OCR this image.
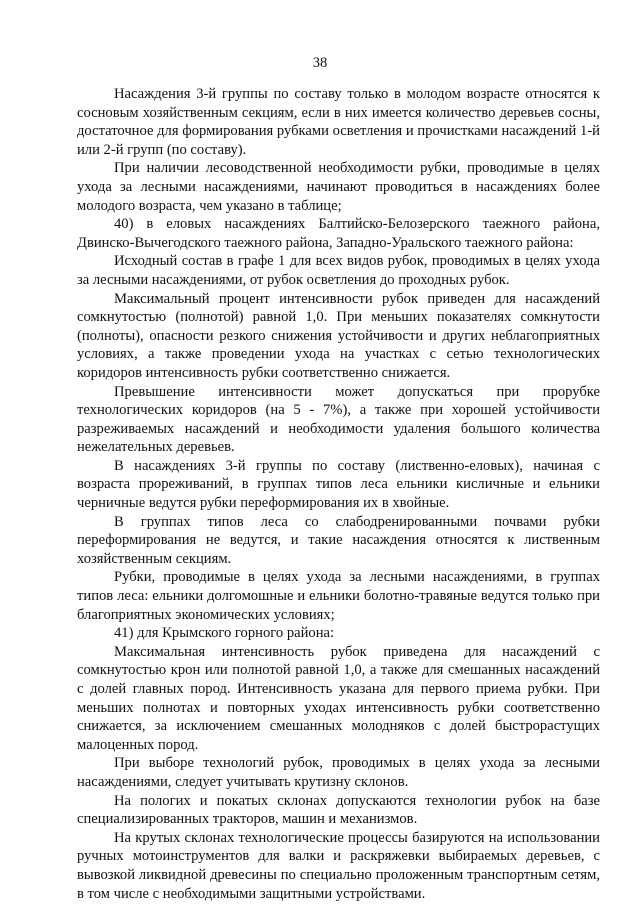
38

Насаждения 3-й группы по составу только в молодом возрасте относятся к сосновым хозяйственным секциям, если в них имеется количество деревьев сосны, достаточное для формирования рубками осветления и прочистками насаждений 1-й или 2-й групп (по составу).

При наличии лесоводственной необходимости рубки, проводимые в целях ухода за лесными насаждениями, начинают проводиться в насаждениях более молодого возраста, чем указано в таблице;

40) в еловых насаждениях Балтийско-Белозерского таежного района, Двинско-Вычегодского таежного района, Западно-Уральского таежного района:

Исходный состав в графе 1 для всех видов рубок, проводимых в целях ухода за лесными насаждениями, от рубок осветления до проходных рубок.

Максимальный процент интенсивности рубок приведен для насаждений сомкнутостью (полнотой) равной 1,0. При меньших показателях сомкнутости (полноты), опасности резкого снижения устойчивости и других неблагоприятных условиях, а также проведении ухода на участках с сетью технологических коридоров интенсивность рубки соответственно снижается.

Превышение интенсивности может допускаться при прорубке технологических коридоров (на 5 - 7%), а также при хорошей устойчивости разреживаемых насаждений и необходимости удаления большого количества нежелательных деревьев.

В насаждениях 3-й группы по составу (лиственно-еловых), начиная с возраста прореживаний, в группах типов леса ельники кисличные и ельники черничные ведутся рубки переформирования их в хвойные.

В группах типов леса со слабодренированными почвами рубки переформирования не ведутся, и такие насаждения относятся к лиственным хозяйственным секциям.

Рубки, проводимые в целях ухода за лесными насаждениями, в группах типов леса: ельники долгомошные и ельники болотно-травяные ведутся только при благоприятных экономических условиях;

41) для Крымского горного района:

Максимальная интенсивность рубок приведена для насаждений с сомкнутостью крон или полнотой равной 1,0, а также для смешанных насаждений с долей главных пород. Интенсивность указана для первого приема рубки. При меньших полнотах и повторных уходах интенсивность рубки соответственно снижается, за исключением смешанных молодняков с долей быстрорастущих малоценных пород.

При выборе технологий рубок, проводимых в целях ухода за лесными насаждениями, следует учитывать крутизну склонов.

На пологих и покатых склонах допускаются технологии рубок на базе специализированных тракторов, машин и механизмов.

На крутых склонах технологические процессы базируются на использовании ручных мотоинструментов для валки и раскряжевки выбираемых деревьев, с вывозкой ликвидной древесины по специально проложенным транспортным сетям, в том числе с необходимыми защитными устройствами.
